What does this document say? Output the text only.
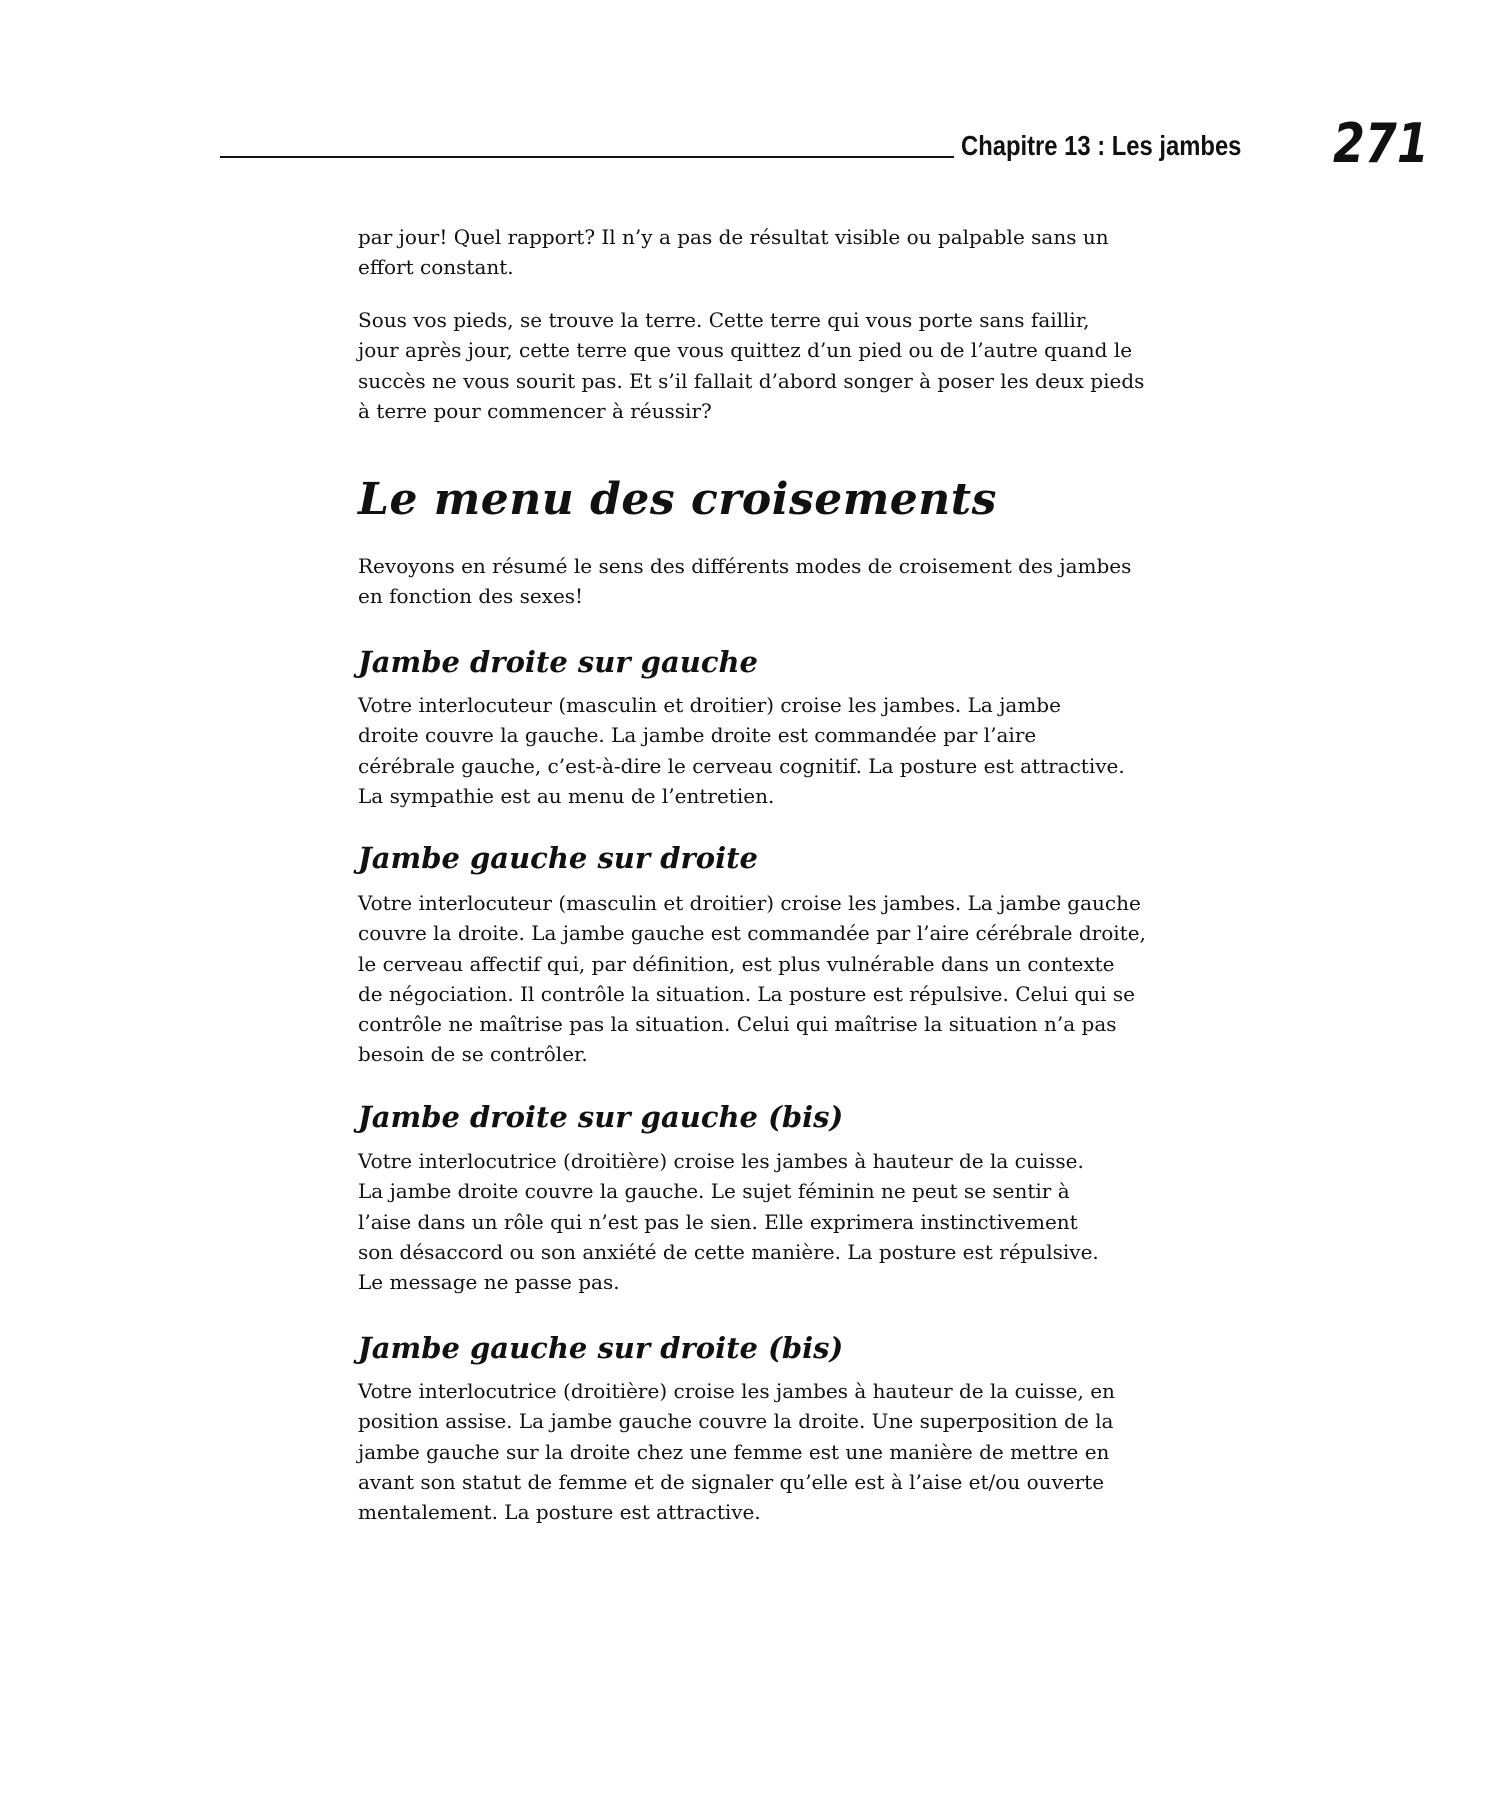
Chapitre 13 : Les jambes 271
par jour! Quel rapport? Il n’y a pas de résultat visible ou palpable sans un
effort constant.
Sous vos pieds, se trouve la terre. Cette terre qui vous porte sans faillir,
jour après jour, cette terre que vous quittez d’un pied ou de l’autre quand le
succès ne vous sourit pas. Et s’il fallait d’abord songer à poser les deux pieds
à terre pour commencer à réussir?
Le menu des croisements
Revoyons en résumé le sens des différents modes de croisement des jambes
en fonction des sexes!
Jambe droite sur gauche
Votre interlocuteur (masculin et droitier) croise les jambes. La jambe
droite couvre la gauche. La jambe droite est commandée par l’aire
cérébrale gauche, c’est-à-dire le cerveau cognitif. La posture est attractive.
La sympathie est au menu de l’entretien.
Jambe gauche sur droite
Votre interlocuteur (masculin et droitier) croise les jambes. La jambe gauche
couvre la droite. La jambe gauche est commandée par l’aire cérébrale droite,
le cerveau affectif qui, par définition, est plus vulnérable dans un contexte
de négociation. Il contrôle la situation. La posture est répulsive. Celui qui se
contrôle ne maîtrise pas la situation. Celui qui maîtrise la situation n’a pas
besoin de se contrôler.
Jambe droite sur gauche (bis)
Votre interlocutrice (droitière) croise les jambes à hauteur de la cuisse.
La jambe droite couvre la gauche. Le sujet féminin ne peut se sentir à
l’aise dans un rôle qui n’est pas le sien. Elle exprimera instinctivement
son désaccord ou son anxiété de cette manière. La posture est répulsive.
Le message ne passe pas.
Jambe gauche sur droite (bis)
Votre interlocutrice (droitière) croise les jambes à hauteur de la cuisse, en
position assise. La jambe gauche couvre la droite. Une superposition de la
jambe gauche sur la droite chez une femme est une manière de mettre en
avant son statut de femme et de signaler qu’elle est à l’aise et/ou ouverte
mentalement. La posture est attractive.
